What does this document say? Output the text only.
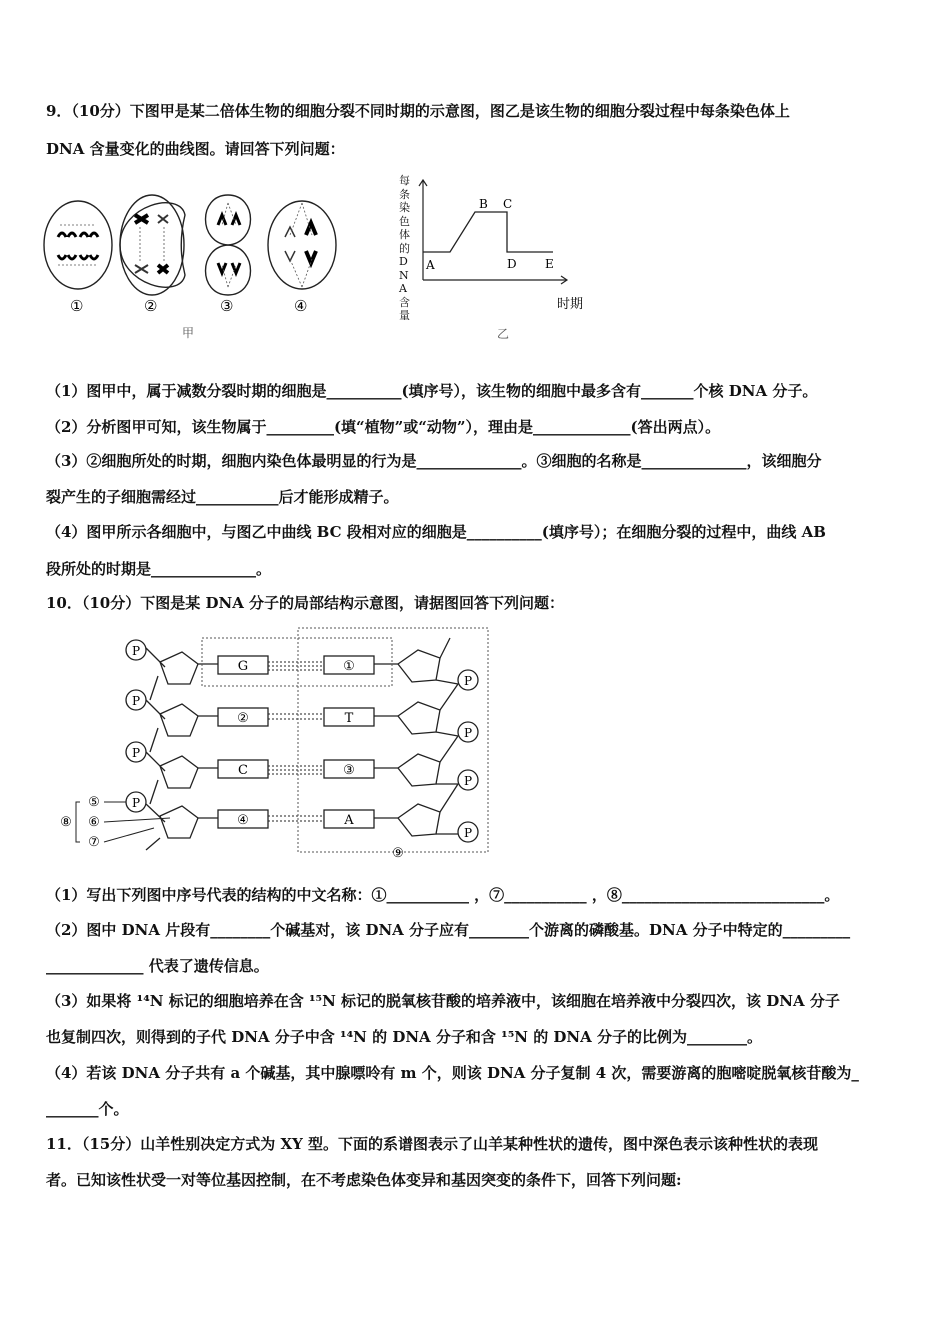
9．（10分）下图甲是某二倍体生物的细胞分裂不同时期的示意图，图乙是该生物的细胞分裂过程中每条染色体上
DNA 含量变化的曲线图。请回答下列问题：
①	②	③	④
甲
A
B C
D E
时期
乙
每条染色体的DNA含量
（1）图甲中，属于减数分裂时期的细胞是__________(填序号），该生物的细胞中最多含有_______个核 DNA 分子。
（2）分析图甲可知，该生物属于_________(填“植物”或“动物”），理由是_____________(答出两点）。
（3）②细胞所处的时期，细胞内染色体最明显的行为是______________。③细胞的名称是______________，该细胞分
裂产生的子细胞需经过___________后才能形成精子。
（4）图甲所示各细胞中，与图乙中曲线 BC 段相对应的细胞是__________(填序号）；在细胞分裂的过程中，曲线 AB
段所处的时期是______________。
10．（10分）下图是某 DNA 分子的局部结构示意图，请据图回答下列问题：
P
P
P
P
P
P
P
P
G
②
C
④
①
T
③
A
⑤
⑥
⑦
⑧
⑨
（1）写出下列图中序号代表的结构的中文名称：①___________ ，⑦___________ ，⑧___________________________。
（2）图中 DNA 片段有________个碱基对，该 DNA 分子应有________个游离的磷酸基。DNA 分子中特定的_________
_____________ 代表了遗传信息。
（3）如果将 ¹⁴N 标记的细胞培养在含 ¹⁵N 标记的脱氧核苷酸的培养液中，该细胞在培养液中分裂四次，该 DNA 分子
也复制四次，则得到的子代 DNA 分子中含 ¹⁴N 的 DNA 分子和含 ¹⁵N 的 DNA 分子的比例为________。
（4）若该 DNA 分子共有 a 个碱基，其中腺嘌呤有 m 个，则该 DNA 分子复制 4 次，需要游离的胞嘧啶脱氧核苷酸为_
_______个。
11．（15分）山羊性别决定方式为 XY 型。下面的系谱图表示了山羊某种性状的遗传，图中深色表示该种性状的表现
者。已知该性状受一对等位基因控制，在不考虑染色体变异和基因突变的条件下，回答下列问题:
